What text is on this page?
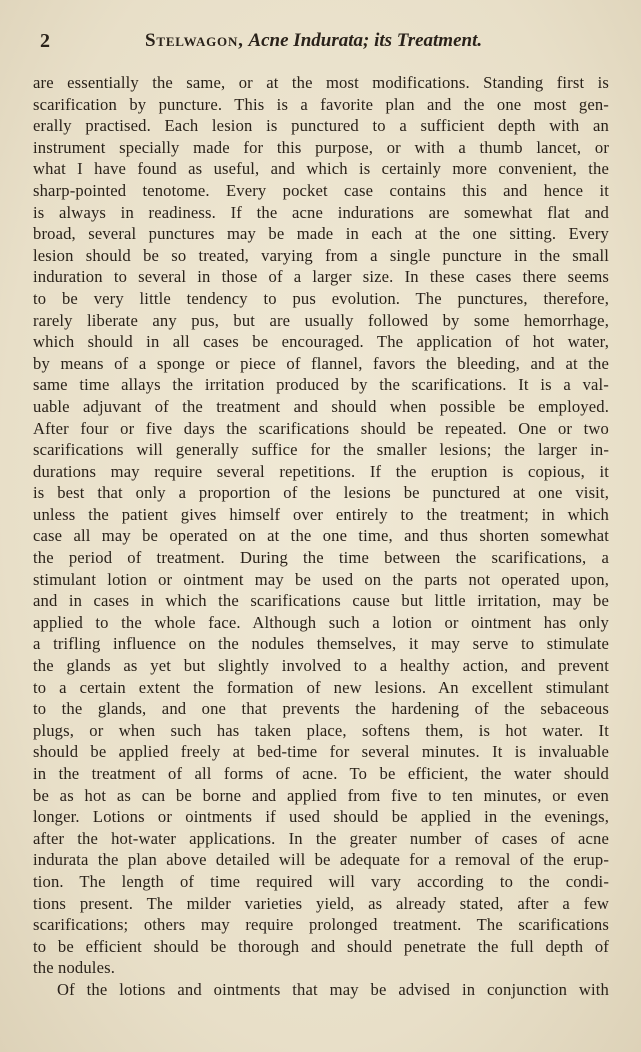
2	Stelwagon, Acne Indurata; its Treatment.
are essentially the same, or at the most modifications. Standing first is
scarification by puncture. This is a favorite plan and the one most gen-
erally practised. Each lesion is punctured to a sufficient depth with an
instrument specially made for this purpose, or with a thumb lancet, or
what I have found as useful, and which is certainly more convenient, the
sharp-pointed tenotome. Every pocket case contains this and hence it
is always in readiness. If the acne indurations are somewhat flat and
broad, several punctures may be made in each at the one sitting. Every
lesion should be so treated, varying from a single puncture in the small
induration to several in those of a larger size. In these cases there seems
to be very little tendency to pus evolution. The punctures, therefore,
rarely liberate any pus, but are usually followed by some hemorrhage,
which should in all cases be encouraged. The application of hot water,
by means of a sponge or piece of flannel, favors the bleeding, and at the
same time allays the irritation produced by the scarifications. It is a val-
uable adjuvant of the treatment and should when possible be employed.
After four or five days the scarifications should be repeated. One or two
scarifications will generally suffice for the smaller lesions; the larger in-
durations may require several repetitions. If the eruption is copious, it
is best that only a proportion of the lesions be punctured at one visit,
unless the patient gives himself over entirely to the treatment; in which
case all may be operated on at the one time, and thus shorten somewhat
the period of treatment. During the time between the scarifications, a
stimulant lotion or ointment may be used on the parts not operated upon,
and in cases in which the scarifications cause but little irritation, may be
applied to the whole face. Although such a lotion or ointment has only
a trifling influence on the nodules themselves, it may serve to stimulate
the glands as yet but slightly involved to a healthy action, and prevent
to a certain extent the formation of new lesions. An excellent stimulant
to the glands, and one that prevents the hardening of the sebaceous
plugs, or when such has taken place, softens them, is hot water. It
should be applied freely at bed-time for several minutes. It is invaluable
in the treatment of all forms of acne. To be efficient, the water should
be as hot as can be borne and applied from five to ten minutes, or even
longer. Lotions or ointments if used should be applied in the evenings,
after the hot-water applications. In the greater number of cases of acne
indurata the plan above detailed will be adequate for a removal of the erup-
tion. The length of time required will vary according to the condi-
tions present. The milder varieties yield, as already stated, after a few
scarifications; others may require prolonged treatment. The scarifications
to be efficient should be thorough and should penetrate the full depth of
the nodules.
Of the lotions and ointments that may be advised in conjunction with
